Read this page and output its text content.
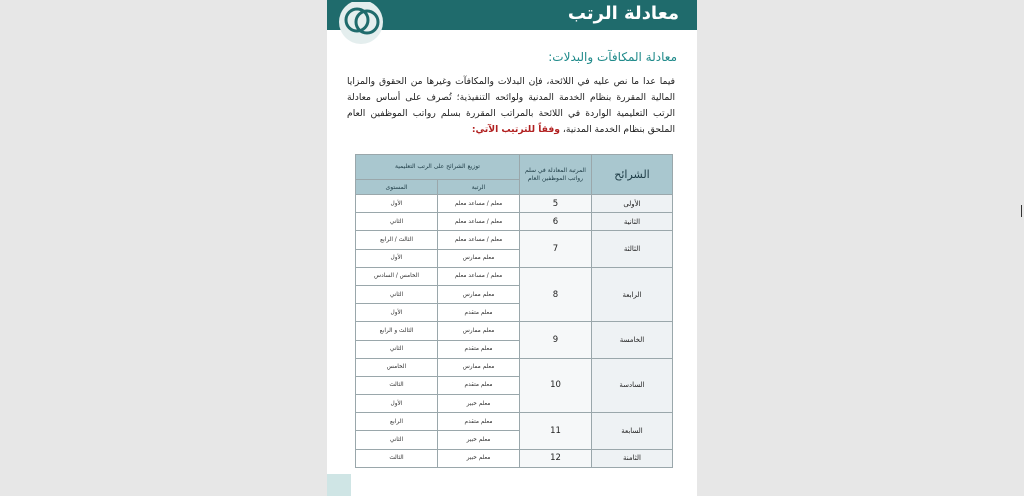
معادلة الرتب
معادلة المكافآت والبدلات:
فيما عدا ما نص عليه في اللائحة، فإن البدلات والمكافآت وغيرها من الحقوق والمزايا المالية المقررة بنظام الخدمة المدنية ولوائحه التنفيذية؛ تُصرف على أساس معادلة الرتب التعليمية الواردة في اللائحة بالمراتب المقررة بسلم رواتب الموظفين العام الملحق بنظام الخدمة المدنية، وفقاً للترتيب الآتي:
الشرائح	المرتبة المعادلة في سلم رواتب الموظفين العام	توزيع الشرائح على الرتب التعليمية	
		الرتبة	المستوى
الأولى	5	معلم / مساعد معلم	الأول
الثانية	6	معلم / مساعد معلم	الثاني
الثالثة	7	معلم / مساعد معلم	الثالث / الرابع
		معلم ممارس	الأول
الرابعة	8	معلم / مساعد معلم	الخامس / السادس
		معلم ممارس	الثاني
		معلم متقدم	الأول
الخامسة	9	معلم ممارس	الثالث و الرابع
		معلم متقدم	الثاني
السادسة	10	معلم ممارس	الخامس
		معلم متقدم	الثالث
		معلم خبير	الأول
السابعة	11	معلم متقدم	الرابع
		معلم خبير	الثاني
الثامنة	12	معلم خبير	الثالث
